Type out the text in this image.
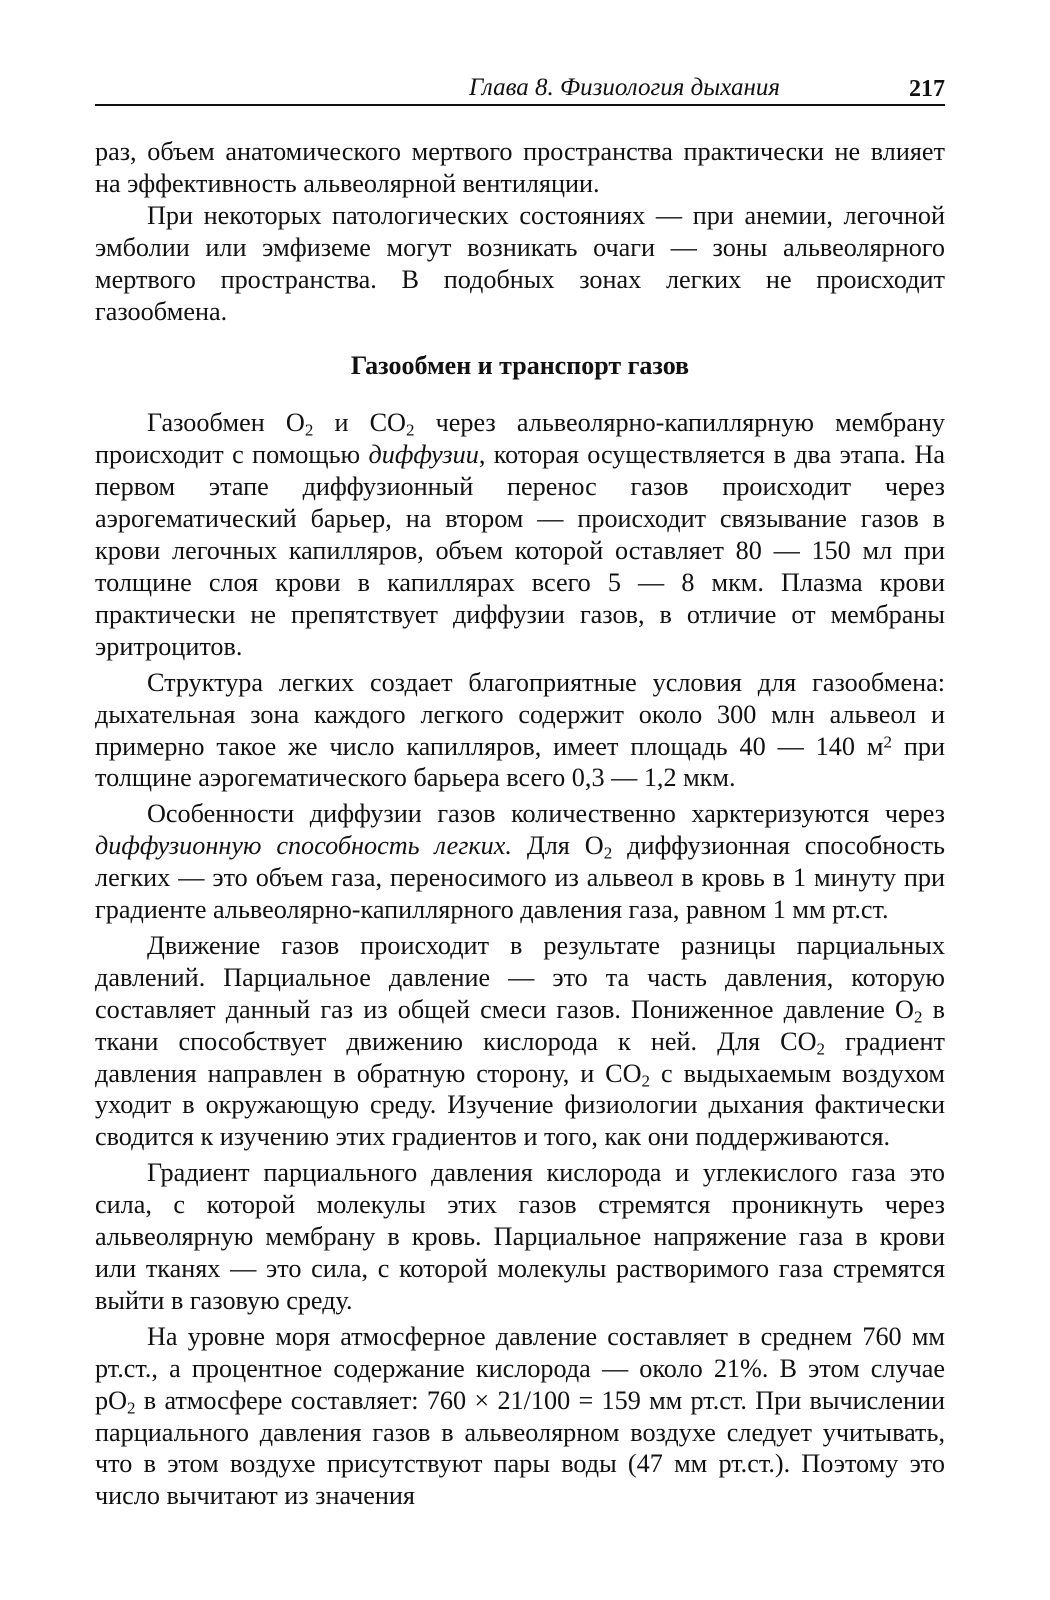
Глава 8. Физиология дыхания	217

раз, объем анатомического мертвого пространства практически не влияет на эффективность альвеолярной вентиляции.

При некоторых патологических состояниях — при анемии, легочной эмболии или эмфиземе могут возникать очаги — зоны альвеолярного мертвого пространства. В подобных зонах легких не происходит газообмена.

Газообмен и транспорт газов

Газообмен $O_2$ и $CO_2$ через альвеолярно-капиллярную мембрану происходит с помощью диффузии, которая осуществляется в два этапа. На первом этапе диффузионный перенос газов происходит через аэрогематический барьер, на втором — происходит связывание газов в крови легочных капилляров, объем которой оставляет 80 — 150 мл при толщине слоя крови в капиллярах всего 5 — 8 мкм. Плазма крови практически не препятствует диффузии газов, в отличие от мембраны эритроцитов.

Структура легких создает благоприятные условия для газообмена: дыхательная зона каждого легкого содержит около 300 млн альвеол и примерно такое же число капилляров, имеет площадь 40 — 140 $м^2$ при толщине аэрогематического барьера всего 0,3 — 1,2 мкм.

Особенности диффузии газов количественно харктеризуются через диффузионную способность легких. Для $O_2$ диффузионная способность легких — это объем газа, переносимого из альвеол в кровь в 1 минуту при градиенте альвеолярно-капиллярного давления газа, равном 1 мм рт.ст.

Движение газов происходит в результате разницы парциальных давлений. Парциальное давление — это та часть давления, которую составляет данный газ из общей смеси газов. Пониженное давление $O_2$ в ткани способствует движению кислорода к ней. Для $CO_2$ градиент давления направлен в обратную сторону, и $CO_2$ с выдыхаемым воздухом уходит в окружающую среду. Изучение физиологии дыхания фактически сводится к изучению этих градиентов и того, как они поддерживаются.

Градиент парциального давления кислорода и углекислого газа это сила, с которой молекулы этих газов стремятся проникнуть через альвеолярную мембрану в кровь. Парциальное напряжение газа в крови или тканях — это сила, с которой молекулы растворимого газа стремятся выйти в газовую среду.

На уровне моря атмосферное давление составляет в среднем 760 мм рт.ст., а процентное содержание кислорода — около 21%. В этом случае $pO_2$ в атмосфере составляет: 760 × 21/100 = 159 мм рт.ст. При вычислении парциального давления газов в альвеолярном воздухе следует учитывать, что в этом воздухе присутствуют пары воды (47 мм рт.ст.). Поэтому это число вычитают из значения
